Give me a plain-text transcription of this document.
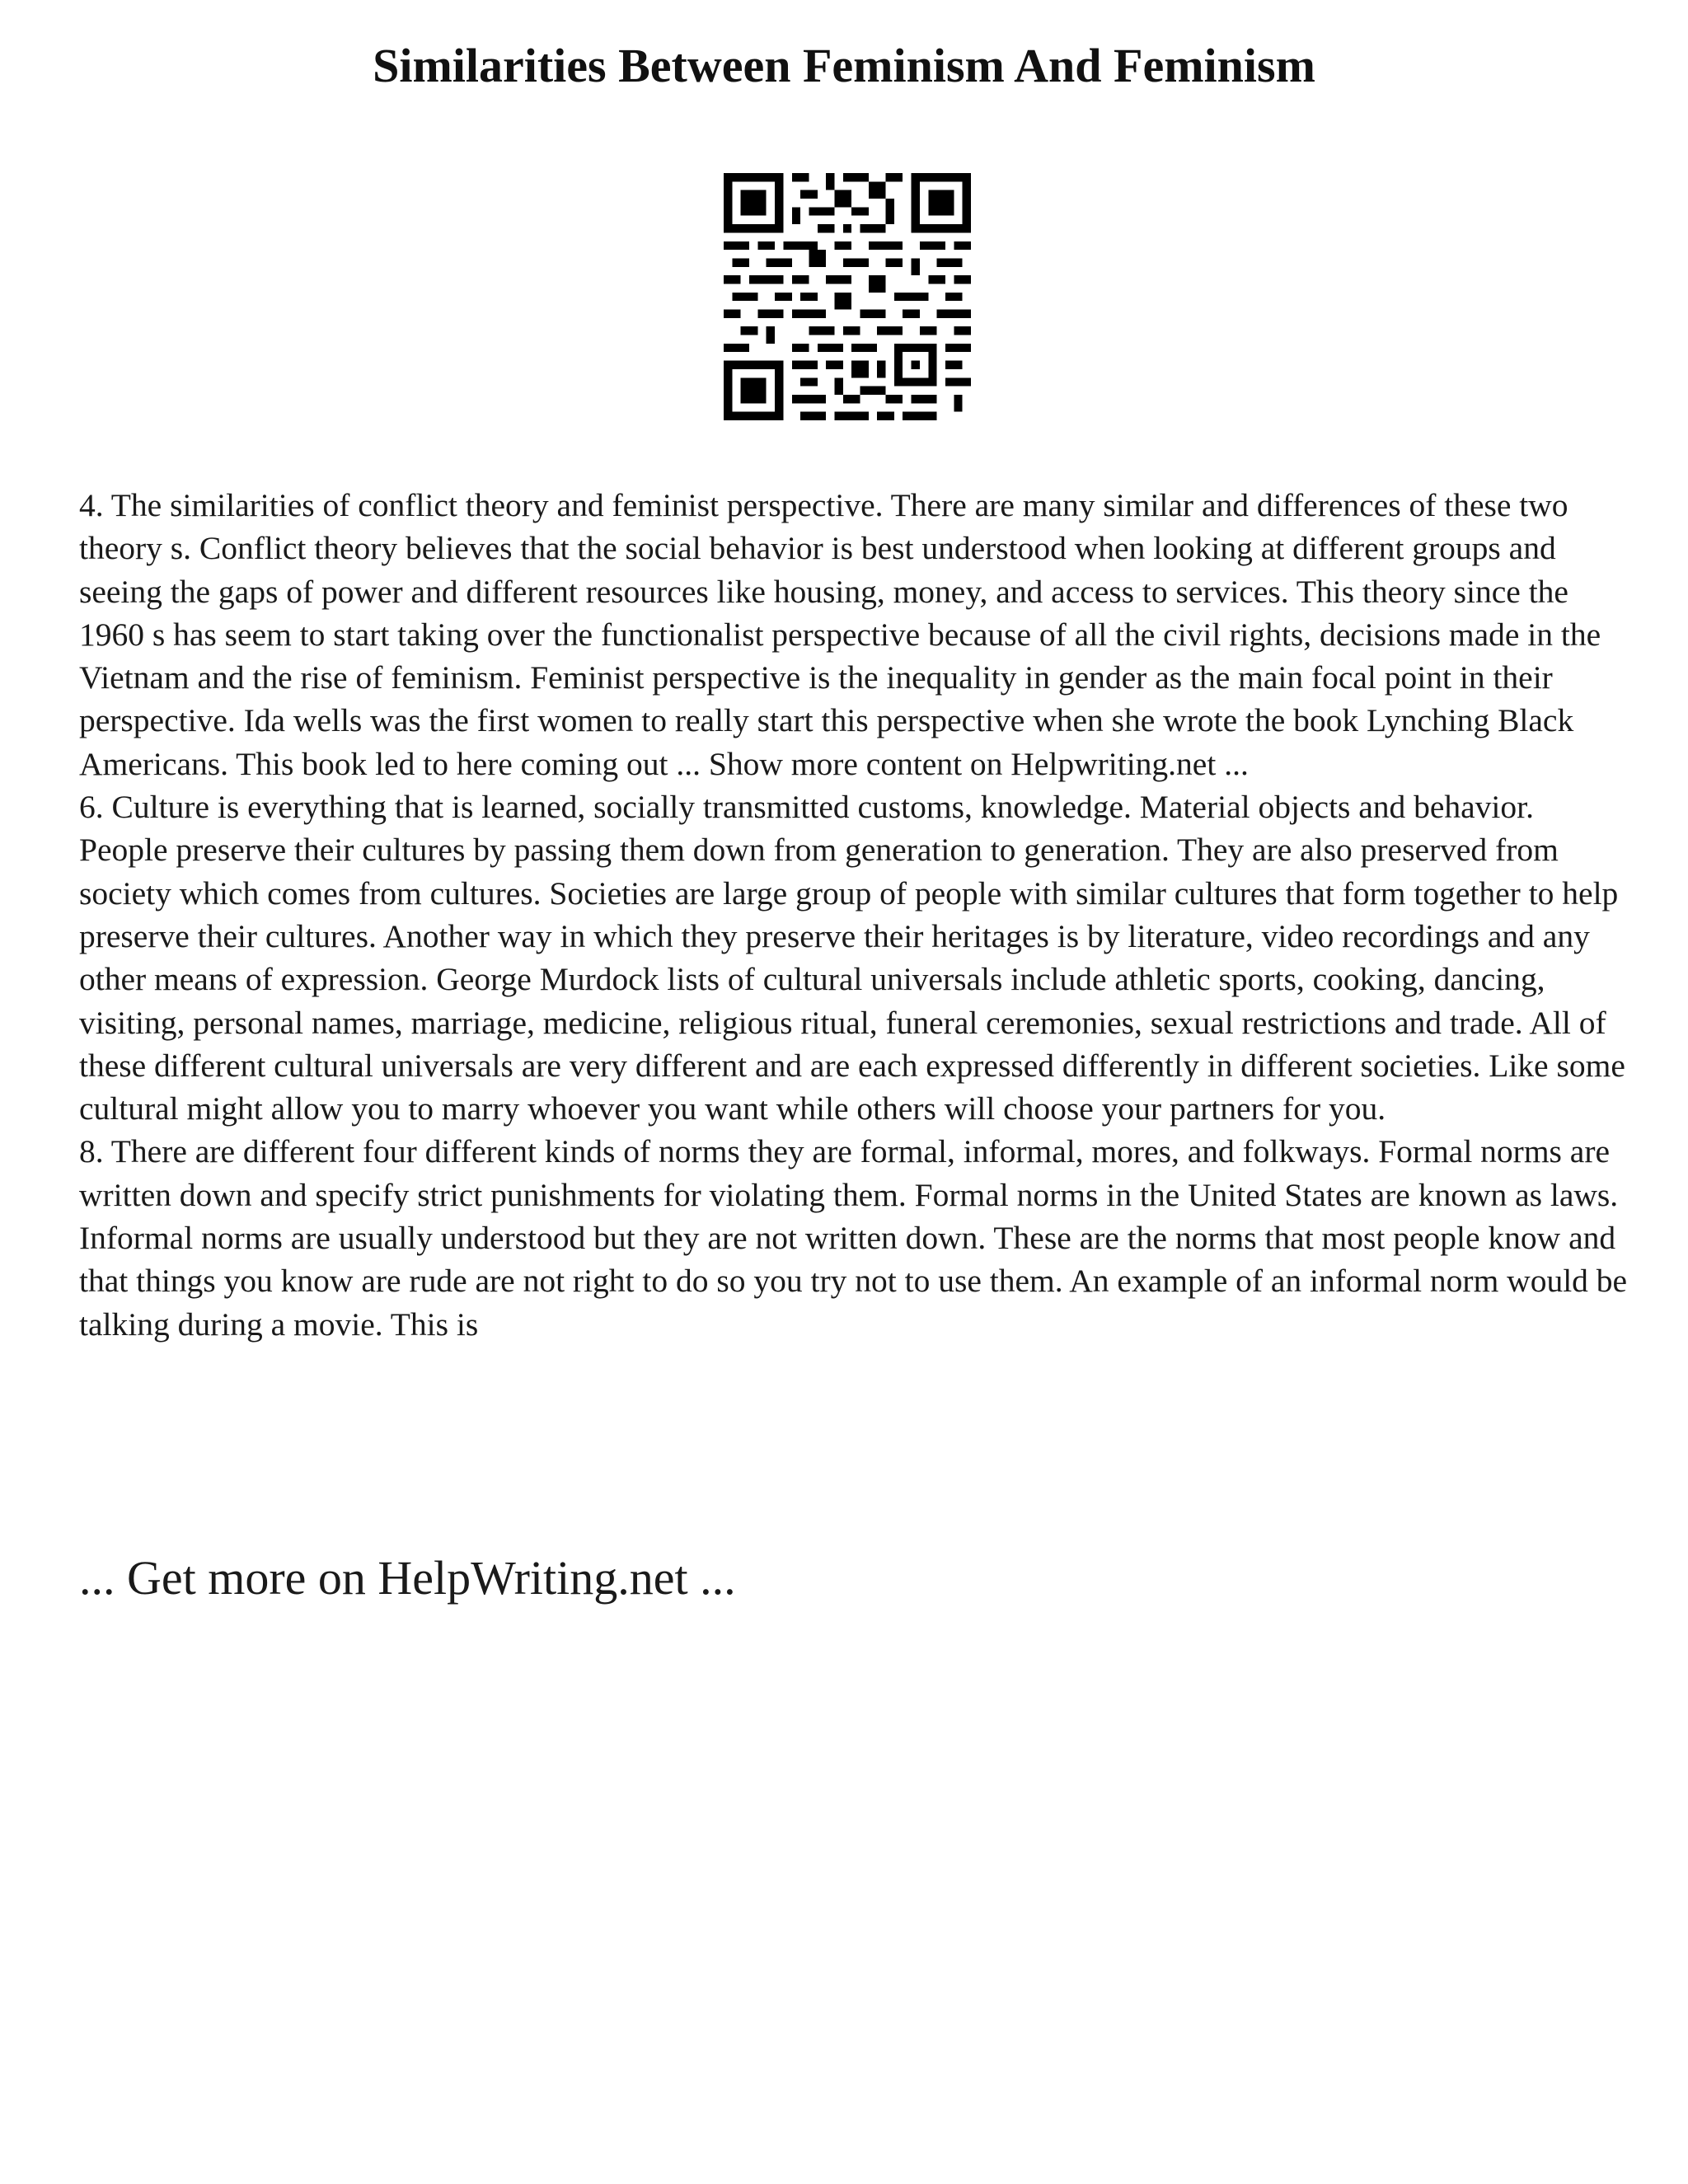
Similarities Between Feminism And Feminism

4. The similarities of conflict theory and feminist perspective. There are many similar and differences of these two theory s. Conflict theory believes that the social behavior is best understood when looking at different groups and seeing the gaps of power and different resources like housing, money, and access to services. This theory since the 1960 s has seem to start taking over the functionalist perspective because of all the civil rights, decisions made in the Vietnam and the rise of feminism. Feminist perspective is the inequality in gender as the main focal point in their perspective. Ida wells was the first women to really start this perspective when she wrote the book Lynching Black Americans. This book led to here coming out ... Show more content on Helpwriting.net ...

6. Culture is everything that is learned, socially transmitted customs, knowledge. Material objects and behavior. People preserve their cultures by passing them down from generation to generation. They are also preserved from society which comes from cultures. Societies are large group of people with similar cultures that form together to help preserve their cultures. Another way in which they preserve their heritages is by literature, video recordings and any other means of expression. George Murdock lists of cultural universals include athletic sports, cooking, dancing, visiting, personal names, marriage, medicine, religious ritual, funeral ceremonies, sexual restrictions and trade. All of these different cultural universals are very different and are each expressed differently in different societies. Like some cultural might allow you to marry whoever you want while others will choose your partners for you.

8. There are different four different kinds of norms they are formal, informal, mores, and folkways. Formal norms are written down and specify strict punishments for violating them. Formal norms in the United States are known as laws. Informal norms are usually understood but they are not written down. These are the norms that most people know and that things you know are rude are not right to do so you try not to use them. An example of an informal norm would be talking during a movie. This is

... Get more on HelpWriting.net ...
